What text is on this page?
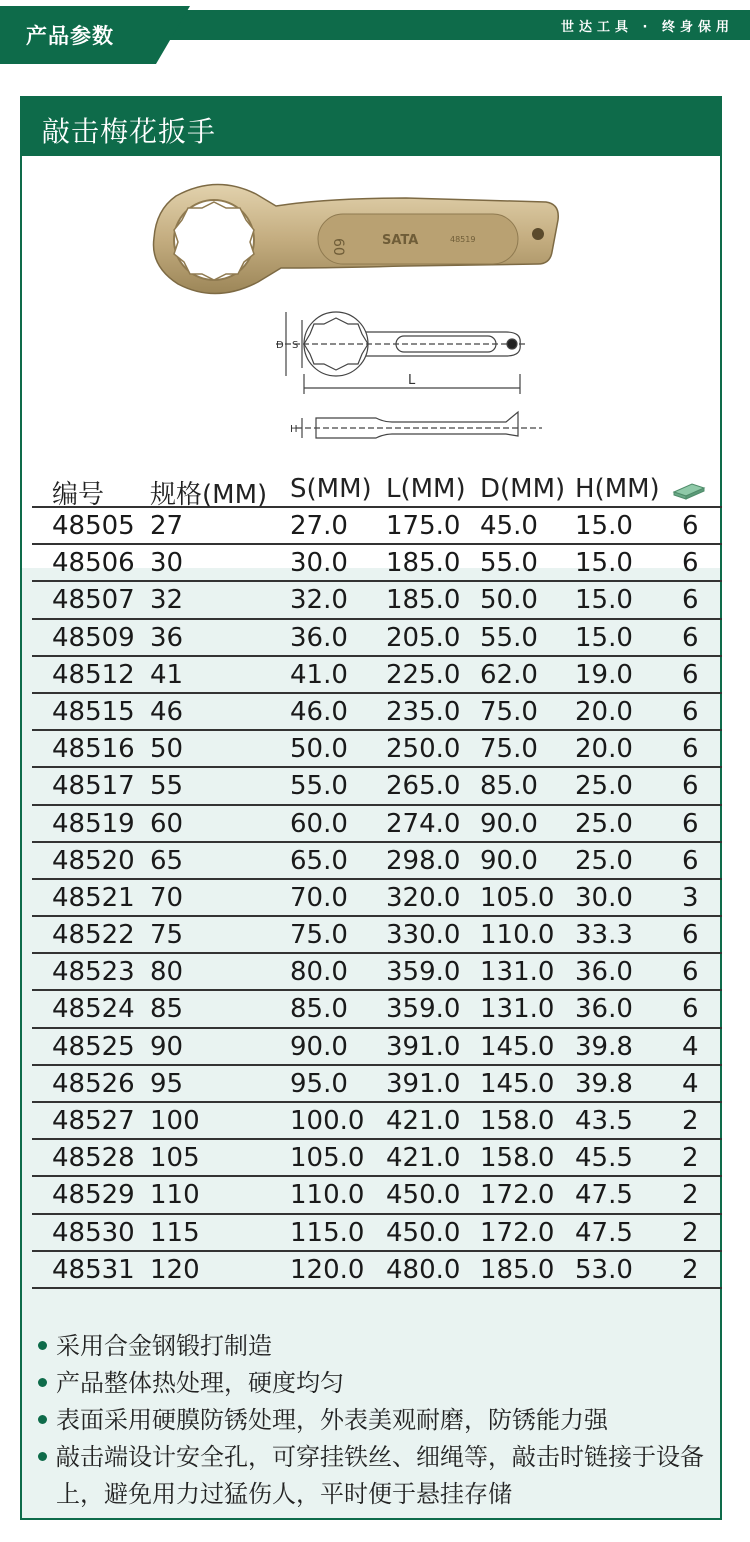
产品参数	世达工具 · 终身保用
敲击梅花扳手
60	SATA	48519
D S
L
H
编号 规格(MM) S(MM) L(MM) D(MM) H(MM)
48505 27	27.0 175.0 45.0 15.0 6
48506 30	30.0 185.0 55.0 15.0 6
48507 32	32.0 185.0 50.0 15.0 6
48509 36	36.0 205.0 55.0 15.0 6
48512 41	41.0 225.0 62.0 19.0 6
48515 46	46.0 235.0 75.0 20.0 6
48516 50	50.0 250.0 75.0 20.0 6
48517 55	55.0 265.0 85.0 25.0 6
48519 60	60.0 274.0 90.0 25.0 6
48520 65	65.0 298.0 90.0 25.0 6
48521 70	70.0 320.0 105.0 30.0 3
48522 75	75.0 330.0 110.0 33.3 6
48523 80	80.0 359.0 131.0 36.0 6
48524 85	85.0 359.0 131.0 36.0 6
48525 90	90.0 391.0 145.0 39.8 4
48526 95	95.0 391.0 145.0 39.8 4
48527 100	100.0 421.0 158.0 43.5 2
48528 105	105.0 421.0 158.0 45.5 2
48529 110	110.0 450.0 172.0 47.5 2
48530 115	115.0 450.0 172.0 47.5 2
48531 120	120.0 480.0 185.0 53.0 2
采用合金钢锻打制造
产品整体热处理，硬度均匀
表面采用硬膜防锈处理，外表美观耐磨，防锈能力强
敲击端设计安全孔，可穿挂铁丝、细绳等，敲击时链接于设备上，避免用力过猛伤人，平时便于悬挂存储
